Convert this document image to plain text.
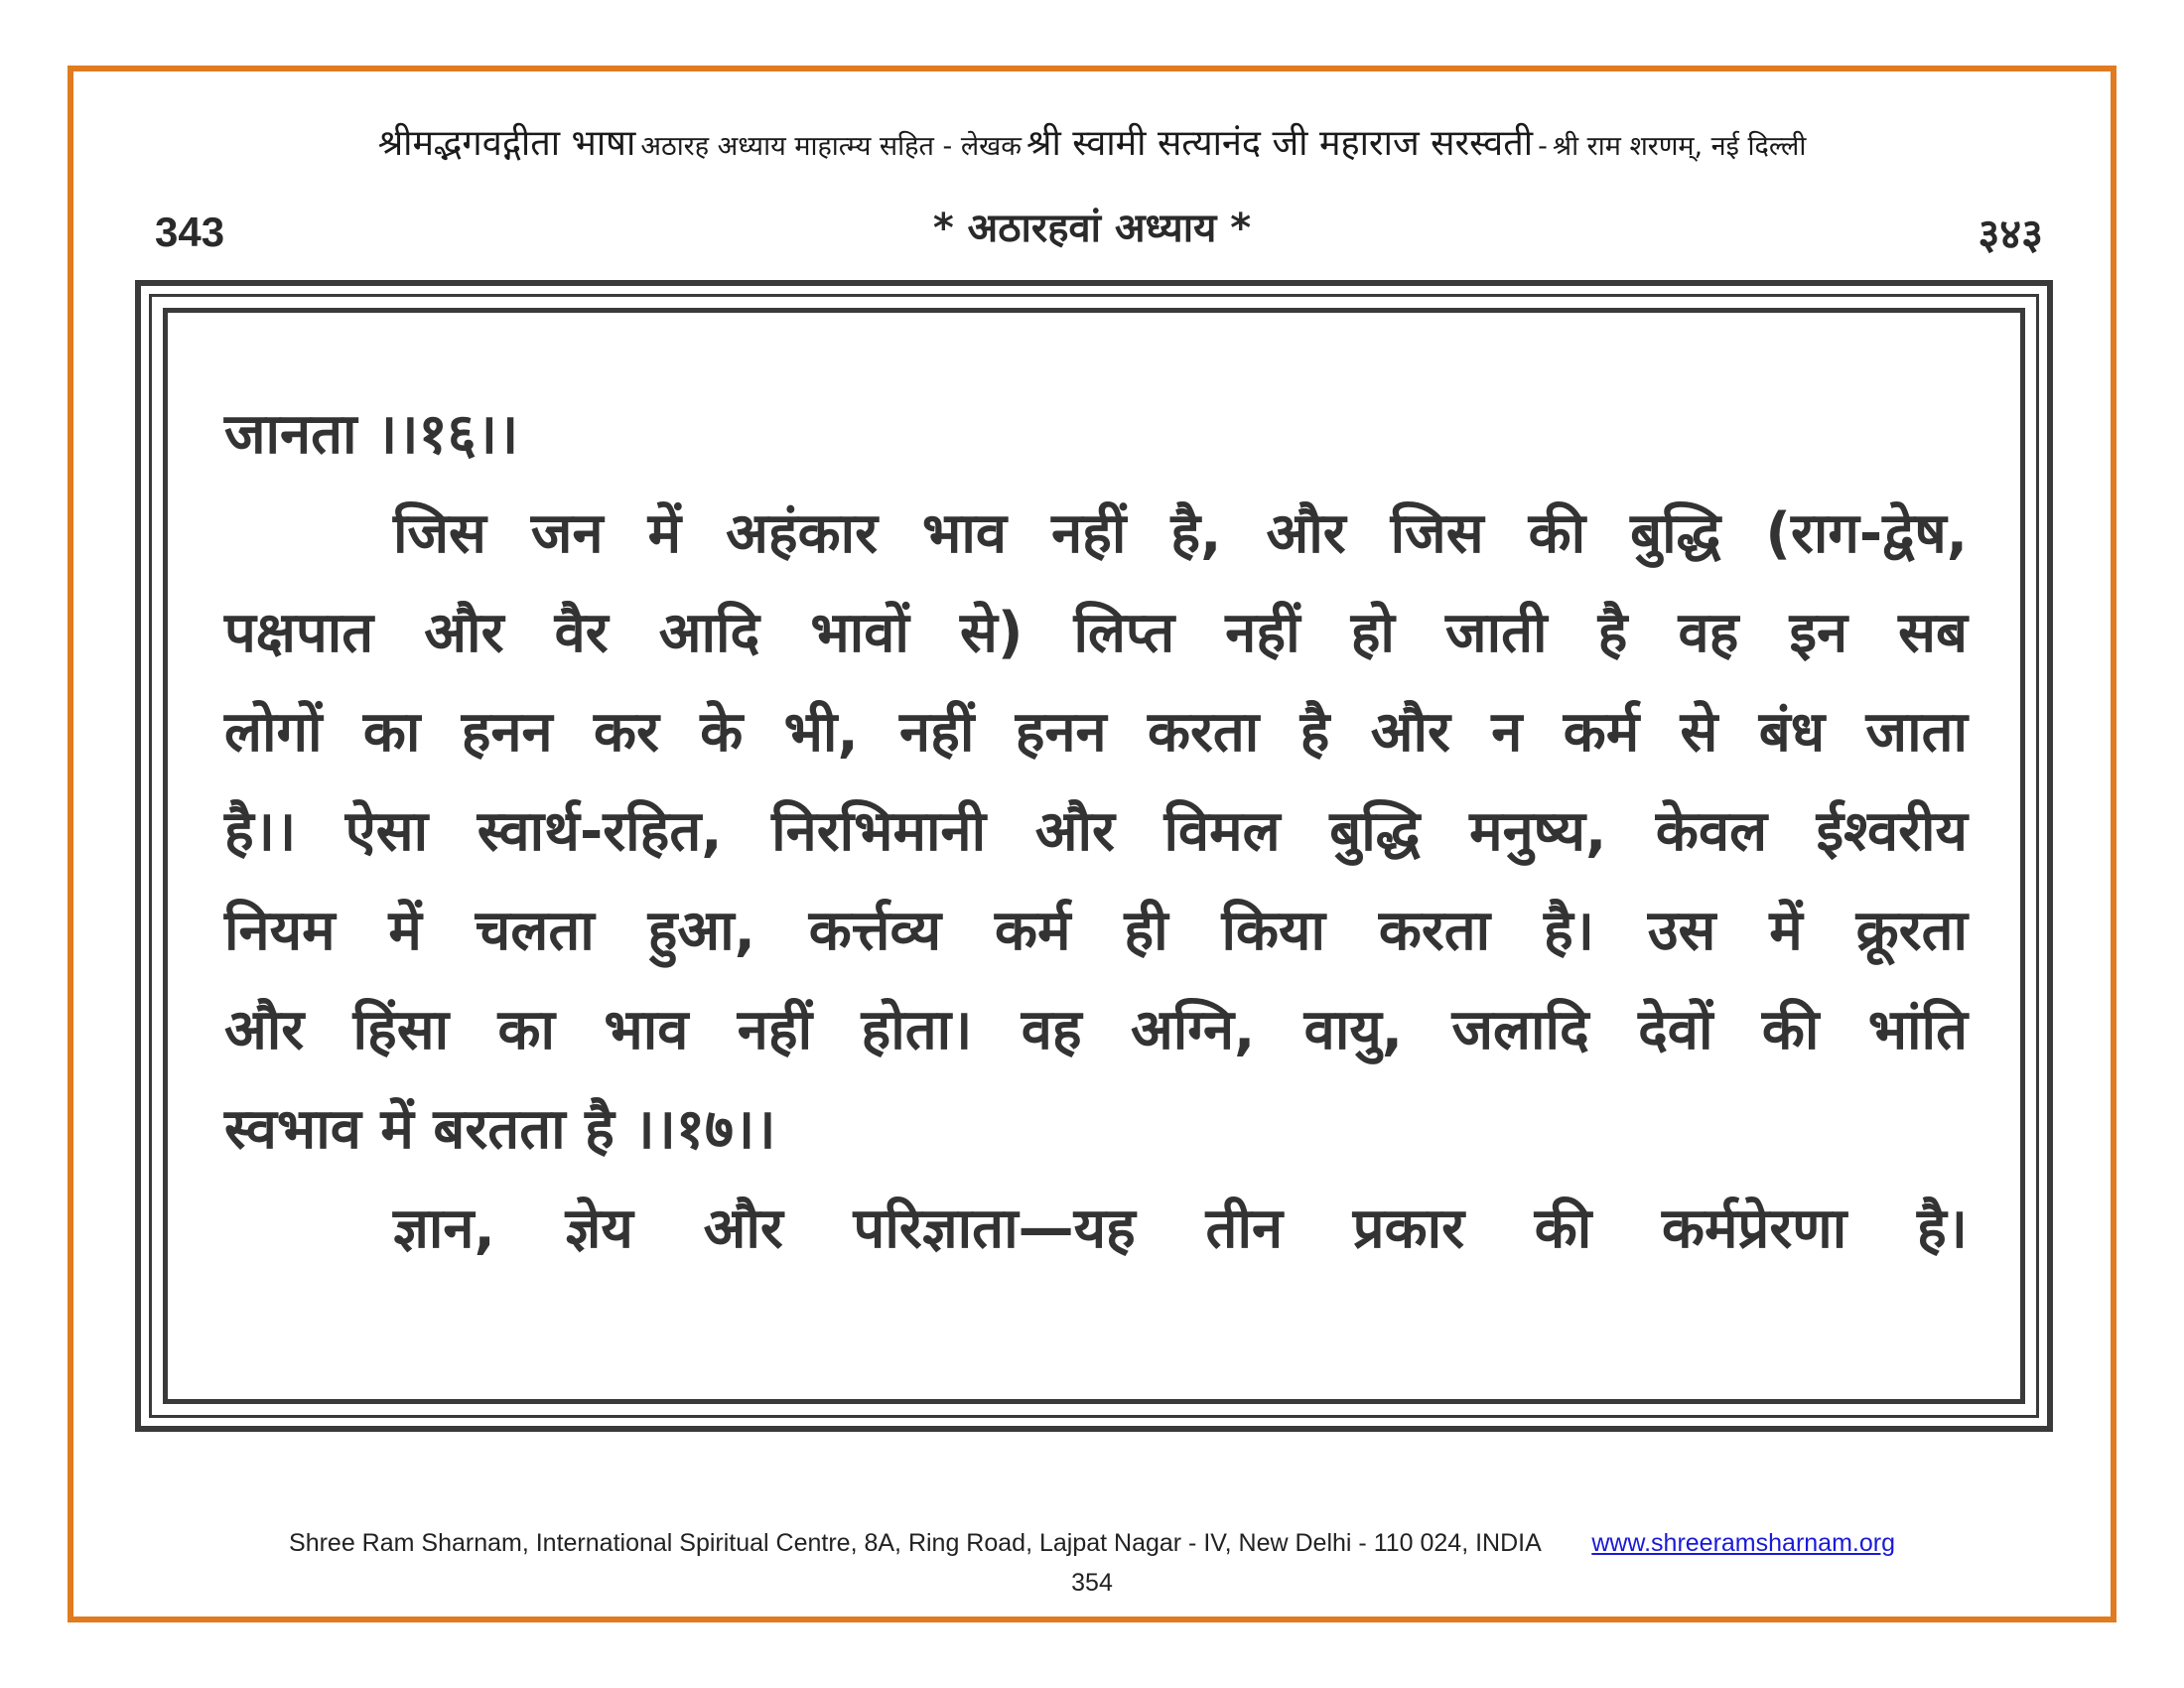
श्रीमद्भगवद्गीता भाषा अठारह अध्याय माहात्म्य सहित - लेखक श्री स्वामी सत्यानंद जी महाराज सरस्वती - श्री राम शरणम्, नई दिल्ली
343	* अठारहवां अध्याय *	३४३
जानता ।।१६।।
जिस जन में अहंकार भाव नहीं है, और जिस की बुद्धि (राग-द्वेष,
पक्षपात और वैर आदि भावों से) लिप्त नहीं हो जाती है वह इन सब
लोगों का हनन कर के भी, नहीं हनन करता है और न कर्म से बंध जाता
है।। ऐसा स्वार्थ-रहित, निरभिमानी और विमल बुद्धि मनुष्य, केवल ईश्वरीय
नियम में चलता हुआ, कर्त्तव्य कर्म ही किया करता है। उस में क्रूरता
और हिंसा का भाव नहीं होता। वह अग्नि, वायु, जलादि देवों की भांति
स्वभाव में बरतता है ।।१७।।
ज्ञान, ज्ञेय और परिज्ञाता—यह तीन प्रकार की कर्मप्रेरणा है।
Shree Ram Sharnam, International Spiritual Centre, 8A, Ring Road, Lajpat Nagar - IV, New Delhi - 110 024, INDIA www.shreeramsharnam.org
354
